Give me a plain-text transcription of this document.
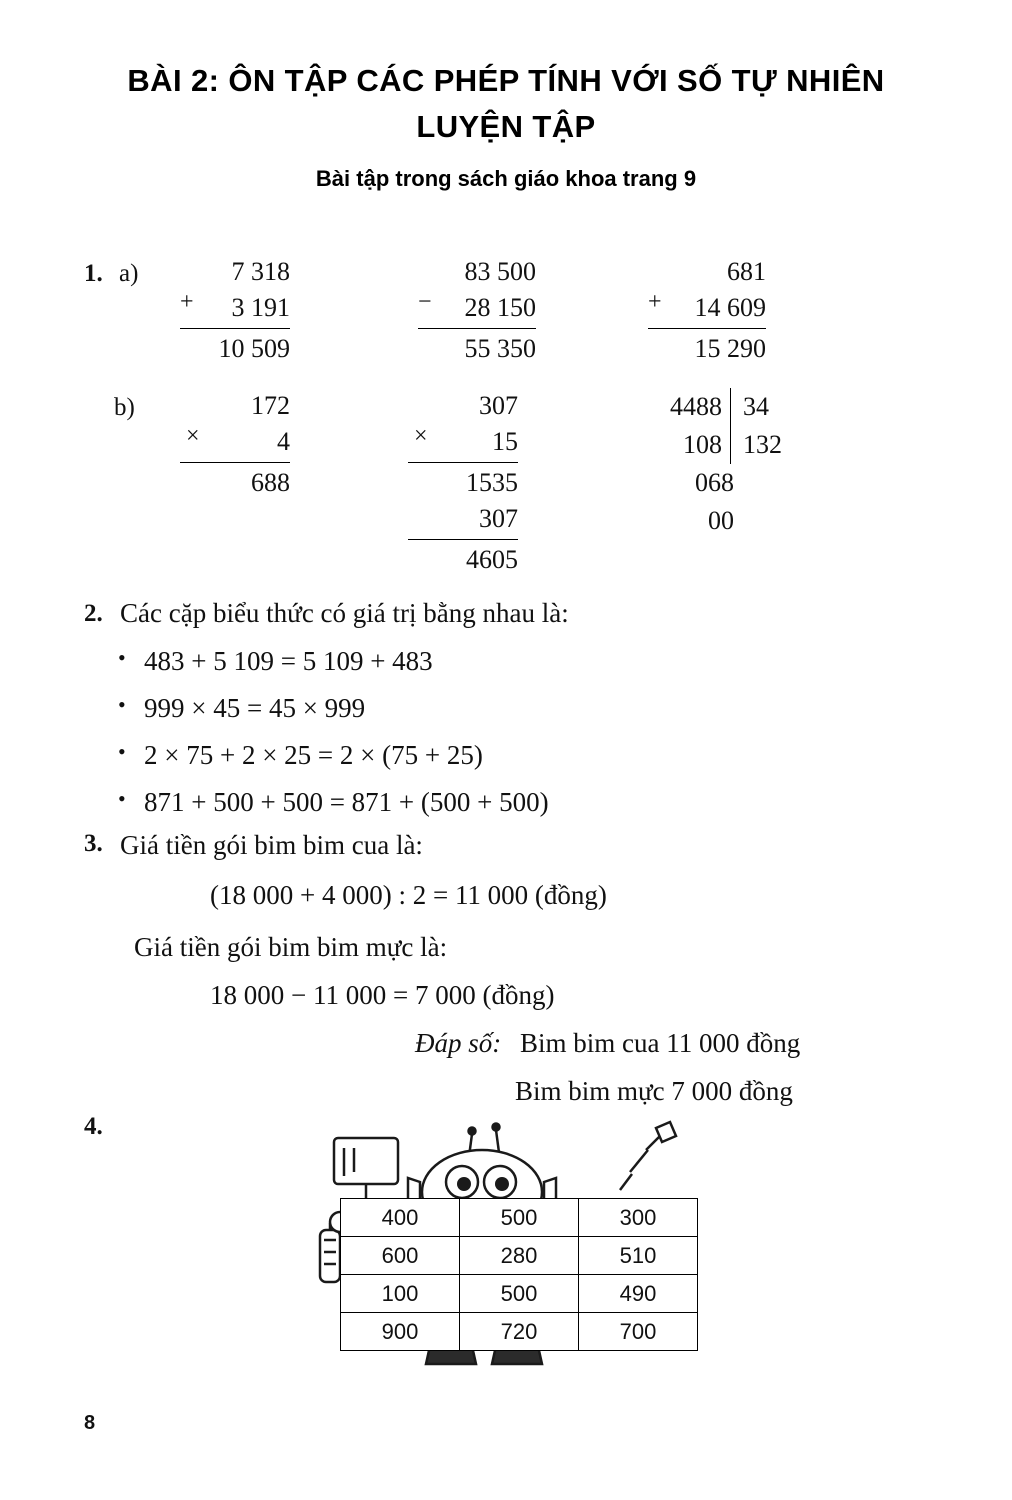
BÀI 2: ÔN TẬP CÁC PHÉP TÍNH VỚI SỐ TỰ NHIÊN
LUYỆN TẬP
Bài tập trong sách giáo khoa trang 9
1. a)
b)
+
7 318
3 191
10 509
−
83 500
28 150
55 350
+
681
14 609
15 290
×
172
4
688
×
307
15
1535
307
4605
4488 34
108 132
068
00
2. Các cặp biểu thức có giá trị bằng nhau là:
• 483 + 5 109 = 5 109 + 483
• 999 × 45 = 45 × 999
• 2 × 75 + 2 × 25 = 2 × (75 + 25)
• 871 + 500 + 500 = 871 + (500 + 500)
3. Giá tiền gói bim bim cua là:
(18 000 + 4 000) : 2 = 11 000 (đồng)
Giá tiền gói bim bim mực là:
18 000 − 11 000 = 7 000 (đồng)
Đáp số: Bim bim cua 11 000 đồng
Bim bim mực 7 000 đồng
4.
400	500	300
600	280	510
100	500	490
900	720	700
8
